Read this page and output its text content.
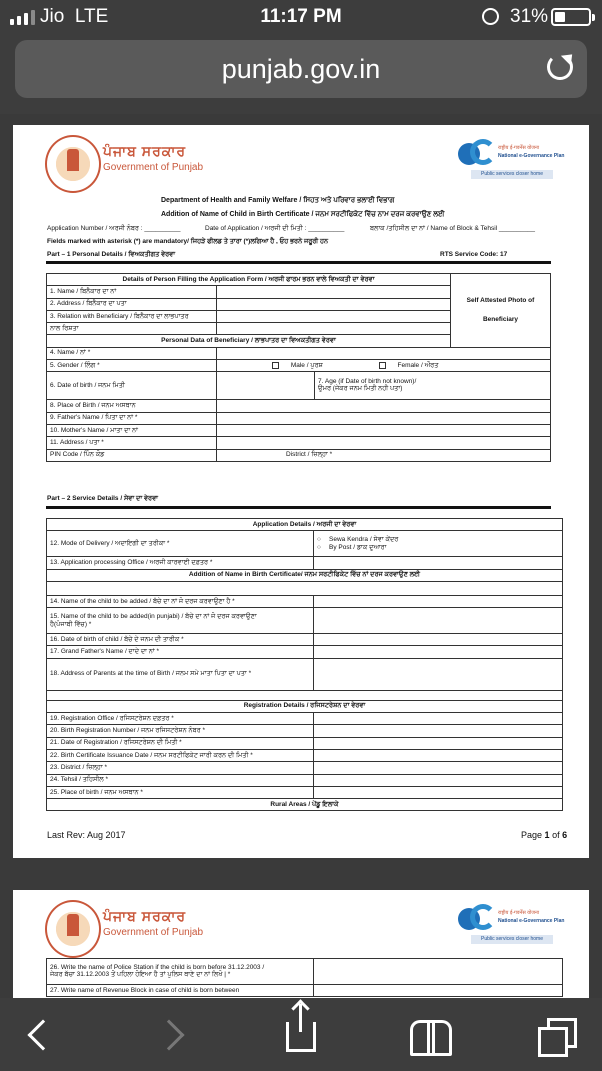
Jio LTE	11:17 PM	31%
punjab.gov.in
ਪੰਜਾਬ ਸਰਕਾਰ
Government of Punjab
राष्ट्रीय ई-गवर्नेंस योजना
National e-Governance Plan
Public services closer home
Department of Health and Family Welfare / ਸਿਹਤ ਅਤੇ ਪਰਿਵਾਰ ਭਲਾਈ ਵਿਭਾਗ
Addition of Name of Child in Birth Certificate / ਜਨਮ ਸਰਟੀਫਿਕੇਟ ਵਿੱਚ ਨਾਮ ਦਰਜ ਕਰਵਾਉਣ ਲਈ
Application Number / ਅਰਜੀ ਨੰਬਰ : __________	Date of Application / ਅਰਜੀ ਦੀ ਮਿਤੀ : __________	ਬਲਾਕ /ਤਹਿਸੀਲ ਦਾ ਨਾਂ / Name of Block & Tehsil __________
Fields marked with asterisk (*) are mandatory/ ਜਿਹੜੇ ਫੀਲਡ ਤੇ ਤਾਰਾ (*)ਲਗਿਆ ਹੈ , ਓਹ ਭਰਨੇ ਜਰੂਰੀ ਹਨ
Part – 1 Personal Details / ਵਿਅਕਤੀਗਤ ਵੇਰਵਾ	RTS Service Code: 17
Details of Person Filling the Application Form / ਅਰਜੀ ਫਾਰਮ ਭਰਨ ਵਾਲੇ ਵਿਅਕਤੀ ਦਾ ਵੇਰਵਾ			Self Attested Photo of
Beneficiary
1. Name / ਬਿਨੈਕਾਰ ਦਾ ਨਾਂ			
2. Address / ਬਿਨੈਕਾਰ ਦਾ ਪਤਾ			
3. Relation with Beneficiary / ਬਿਨੈਕਾਰ ਦਾ ਲਾਭਪਾਤਰ			
ਨਾਲ ਰਿਸ਼ਤਾ			
Personal Data of Beneficiary / ਲਾਭਪਾਤਰ ਦਾ ਵਿਅਕਤੀਗਤ ਵੇਰਵਾ			
4. Name / ਨਾਂ *			
5. Gender / ਲਿੰਗ *	Male / ਪੁਰਸ਼ Female / ਔਰਤ		
6. Date of birth / ਜਨਮ ਮਿਤੀ		7. Age (if Date of birth not known)/
ਉਮਰ (ਜੇਕਰ ਜਨਮ ਮਿਤੀ ਨਹੀ ਪਤਾ)	
8. Place of Birth / ਜਨਮ ਅਸਥਾਨ			
9. Father's Name / ਪਿਤਾ ਦਾ ਨਾਂ *			
10. Mother's Name / ਮਾਤਾ ਦਾ ਨਾਂ			
11. Address / ਪਤਾ *			
PIN Code / ਪਿੰਨ ਕੋਡ	District / ਜ਼ਿਲ੍ਹਾ *		
Part – 2 Service Details / ਸੇਵਾ ਦਾ ਵੇਰਵਾ
Application Details / ਅਰਜੀ ਦਾ ਵੇਰਵਾ	
12. Mode of Delivery / ਅਦਾਇਗੀ ਦਾ ਤਰੀਕਾ *	○ Sewa Kendra / ਸੇਵਾ ਕੇਂਦਰ
○ By Post / ਡਾਕ ਦੁਆਰਾ
13. Application processing Office / ਅਰਜੀ ਕਾਰਵਾਈ ਦਫ਼ਤਰ *	
Addition of Name in Birth Certificate/ ਜਨਮ ਸਰਟੀਫਿਕੇਟ ਵਿੱਚ ਨਾਂ ਦਰਜ ਕਰਵਾਉਣ ਲਈ	

14. Name of the child to be added / ਬੱਚੇ ਦਾ ਨਾਂ ਜੋ ਦਰਜ ਕਰਵਾਉਣਾ ਹੈ *	
15. Name of the child to be added(in punjabi) / ਬੱਚੇ ਦਾ ਨਾਂ ਜੋ ਦਰਜ ਕਰਵਾਉਣਾ
ਹੈ(ਪੰਜਾਬੀ ਵਿੱਚ) *	
16. Date of birth of child / ਬੱਚੇ ਦੇ ਜਨਮ ਦੀ ਤਾਰੀਕ *	
17. Grand Father's Name / ਦਾਦੇ ਦਾ ਨਾਂ *	
18. Address of Parents at the time of Birth / ਜਨਮ ਸਮੇ ਮਾਤਾ ਪਿਤਾ ਦਾ ਪਤਾ *	

Registration Details / ਰਜਿਸਟਰੇਸ਼ਨ ਦਾ ਵੇਰਵਾ	
19. Registration Office / ਰਜਿਸਟਰੇਸ਼ਨ ਦਫ਼ਤਰ *	
20. Birth Registration Number / ਜਨਮ ਰਜਿਸਟਰੇਸ਼ਨ ਨੰਬਰ *	
21. Date of Registration / ਰਜਿਸਟਰੇਸ਼ਨ ਦੀ ਮਿਤੀ *	
22. Birth Certificate Issuance Date / ਜਨਮ ਸਰਟੀਫਿਕੇਟ ਜਾਰੀ ਕਰਨ ਦੀ ਮਿਤੀ *	
23. District / ਜ਼ਿਲ੍ਹਾ *	
24. Tehsil / ਤਹਿਸੀਲ *	
25. Place of birth / ਜਨਮ ਅਸਥਾਨ *	
Rural Areas / ਪੇਂਡੂ ਇਲਾਕੇ	
Last Rev: Aug 2017	Page 1 of 6
ਪੰਜਾਬ ਸਰਕਾਰ
Government of Punjab
राष्ट्रीय ई-गवर्नेंस योजना
National e-Governance Plan
Public services closer home
26. Write the name of Police Station if the child is born before 31.12.2003 /
ਜੇਕਰ ਬੱਚਾ 31.12.2003 ਤੋਂ ਪਹਿਲਾ ਹੋਇਆ ਹੈ ਤਾਂ ਪੁਲਿਸ ਥਾਣੇ ਦਾ ਨਾਂ ਲਿਖੋ | *	
27. Write name of Revenue Block in case of child is born between	
